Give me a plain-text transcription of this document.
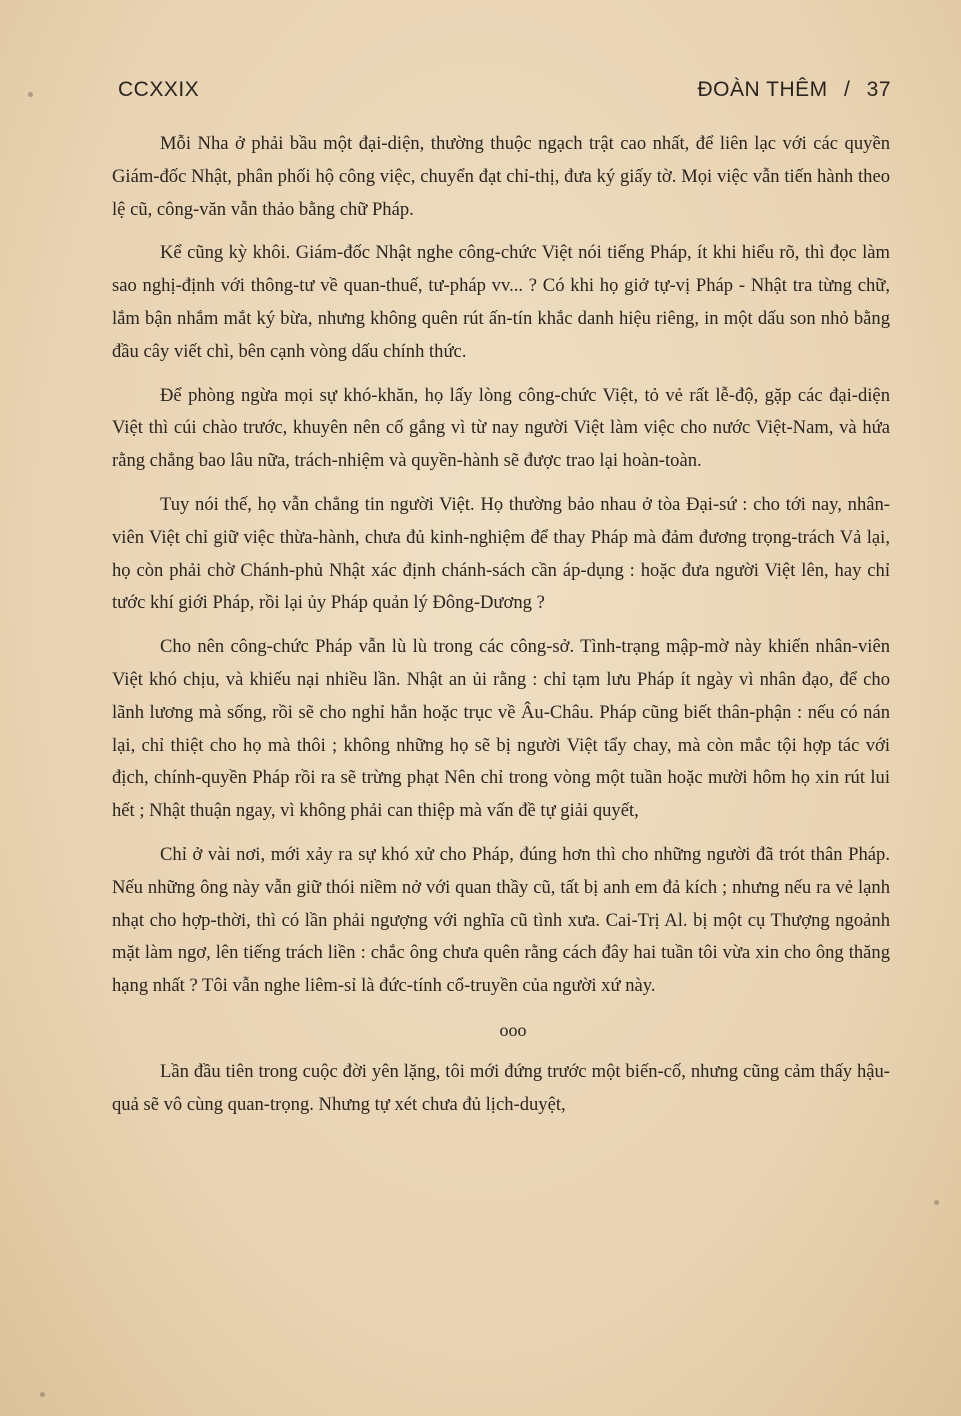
CCXXIX	ĐOÀN THÊM / 37

Mỗi Nha ở phải bầu một đại-diện, thường thuộc ngạch trật cao nhất, để liên lạc với các quyền Giám-đốc Nhật, phân phối hộ công việc, chuyển đạt chỉ-thị, đưa ký giấy tờ. Mọi việc vẫn tiến hành theo lệ cũ, công-văn vẫn thảo bằng chữ Pháp.

Kể cũng kỳ khôi. Giám-đốc Nhật nghe công-chức Việt nói tiếng Pháp, ít khi hiểu rõ, thì đọc làm sao nghị-định với thông-tư về quan-thuế, tư-pháp vv... ? Có khi họ giở tự-vị Pháp - Nhật tra từng chữ, lắm bận nhắm mắt ký bừa, nhưng không quên rút ấn-tín khắc danh hiệu riêng, in một dấu son nhỏ bằng đầu cây viết chì, bên cạnh vòng dấu chính thức.

Để phòng ngừa mọi sự khó-khăn, họ lấy lòng công-chức Việt, tỏ vẻ rất lễ-độ, gặp các đại-diện Việt thì cúi chào trước, khuyên nên cố gắng vì từ nay người Việt làm việc cho nước Việt-Nam, và hứa rằng chẳng bao lâu nữa, trách-nhiệm và quyền-hành sẽ được trao lại hoàn-toàn.

Tuy nói thế, họ vẫn chẳng tin người Việt. Họ thường bảo nhau ở tòa Đại-sứ : cho tới nay, nhân-viên Việt chỉ giữ việc thừa-hành, chưa đủ kinh-nghiệm để thay Pháp mà đảm đương trọng-trách Vả lại, họ còn phải chờ Chánh-phủ Nhật xác định chánh-sách cần áp-dụng : hoặc đưa người Việt lên, hay chỉ tước khí giới Pháp, rồi lại ủy Pháp quản lý Đông-Dương ?

Cho nên công-chức Pháp vẫn lù lù trong các công-sở. Tình-trạng mập-mờ này khiến nhân-viên Việt khó chịu, và khiếu nại nhiều lần. Nhật an ủi rằng : chỉ tạm lưu Pháp ít ngày vì nhân đạo, để cho lãnh lương mà sống, rồi sẽ cho nghỉ hẳn hoặc trục về Âu-Châu. Pháp cũng biết thân-phận : nếu có nán lại, chỉ thiệt cho họ mà thôi ; không những họ sẽ bị người Việt tẩy chay, mà còn mắc tội hợp tác với địch, chính-quyền Pháp rồi ra sẽ trừng phạt Nên chỉ trong vòng một tuần hoặc mười hôm họ xin rút lui hết ; Nhật thuận ngay, vì không phải can thiệp mà vấn đề tự giải quyết,

Chỉ ở vài nơi, mới xảy ra sự khó xử cho Pháp, đúng hơn thì cho những người đã trót thân Pháp. Nếu những ông này vẫn giữ thói niềm nở với quan thầy cũ, tất bị anh em đả kích ; nhưng nếu ra vẻ lạnh nhạt cho hợp-thời, thì có lần phải ngượng với nghĩa cũ tình xưa. Cai-Trị Al. bị một cụ Thượng ngoảnh mặt làm ngơ, lên tiếng trách liền : chắc ông chưa quên rằng cách đây hai tuần tôi vừa xin cho ông thăng hạng nhất ? Tôi vẫn nghe liêm-sỉ là đức-tính cổ-truyền của người xứ này.

ooo

Lần đầu tiên trong cuộc đời yên lặng, tôi mới đứng trước một biến-cố, nhưng cũng cảm thấy hậu-quả sẽ vô cùng quan-trọng. Nhưng tự xét chưa đủ lịch-duyệt,
